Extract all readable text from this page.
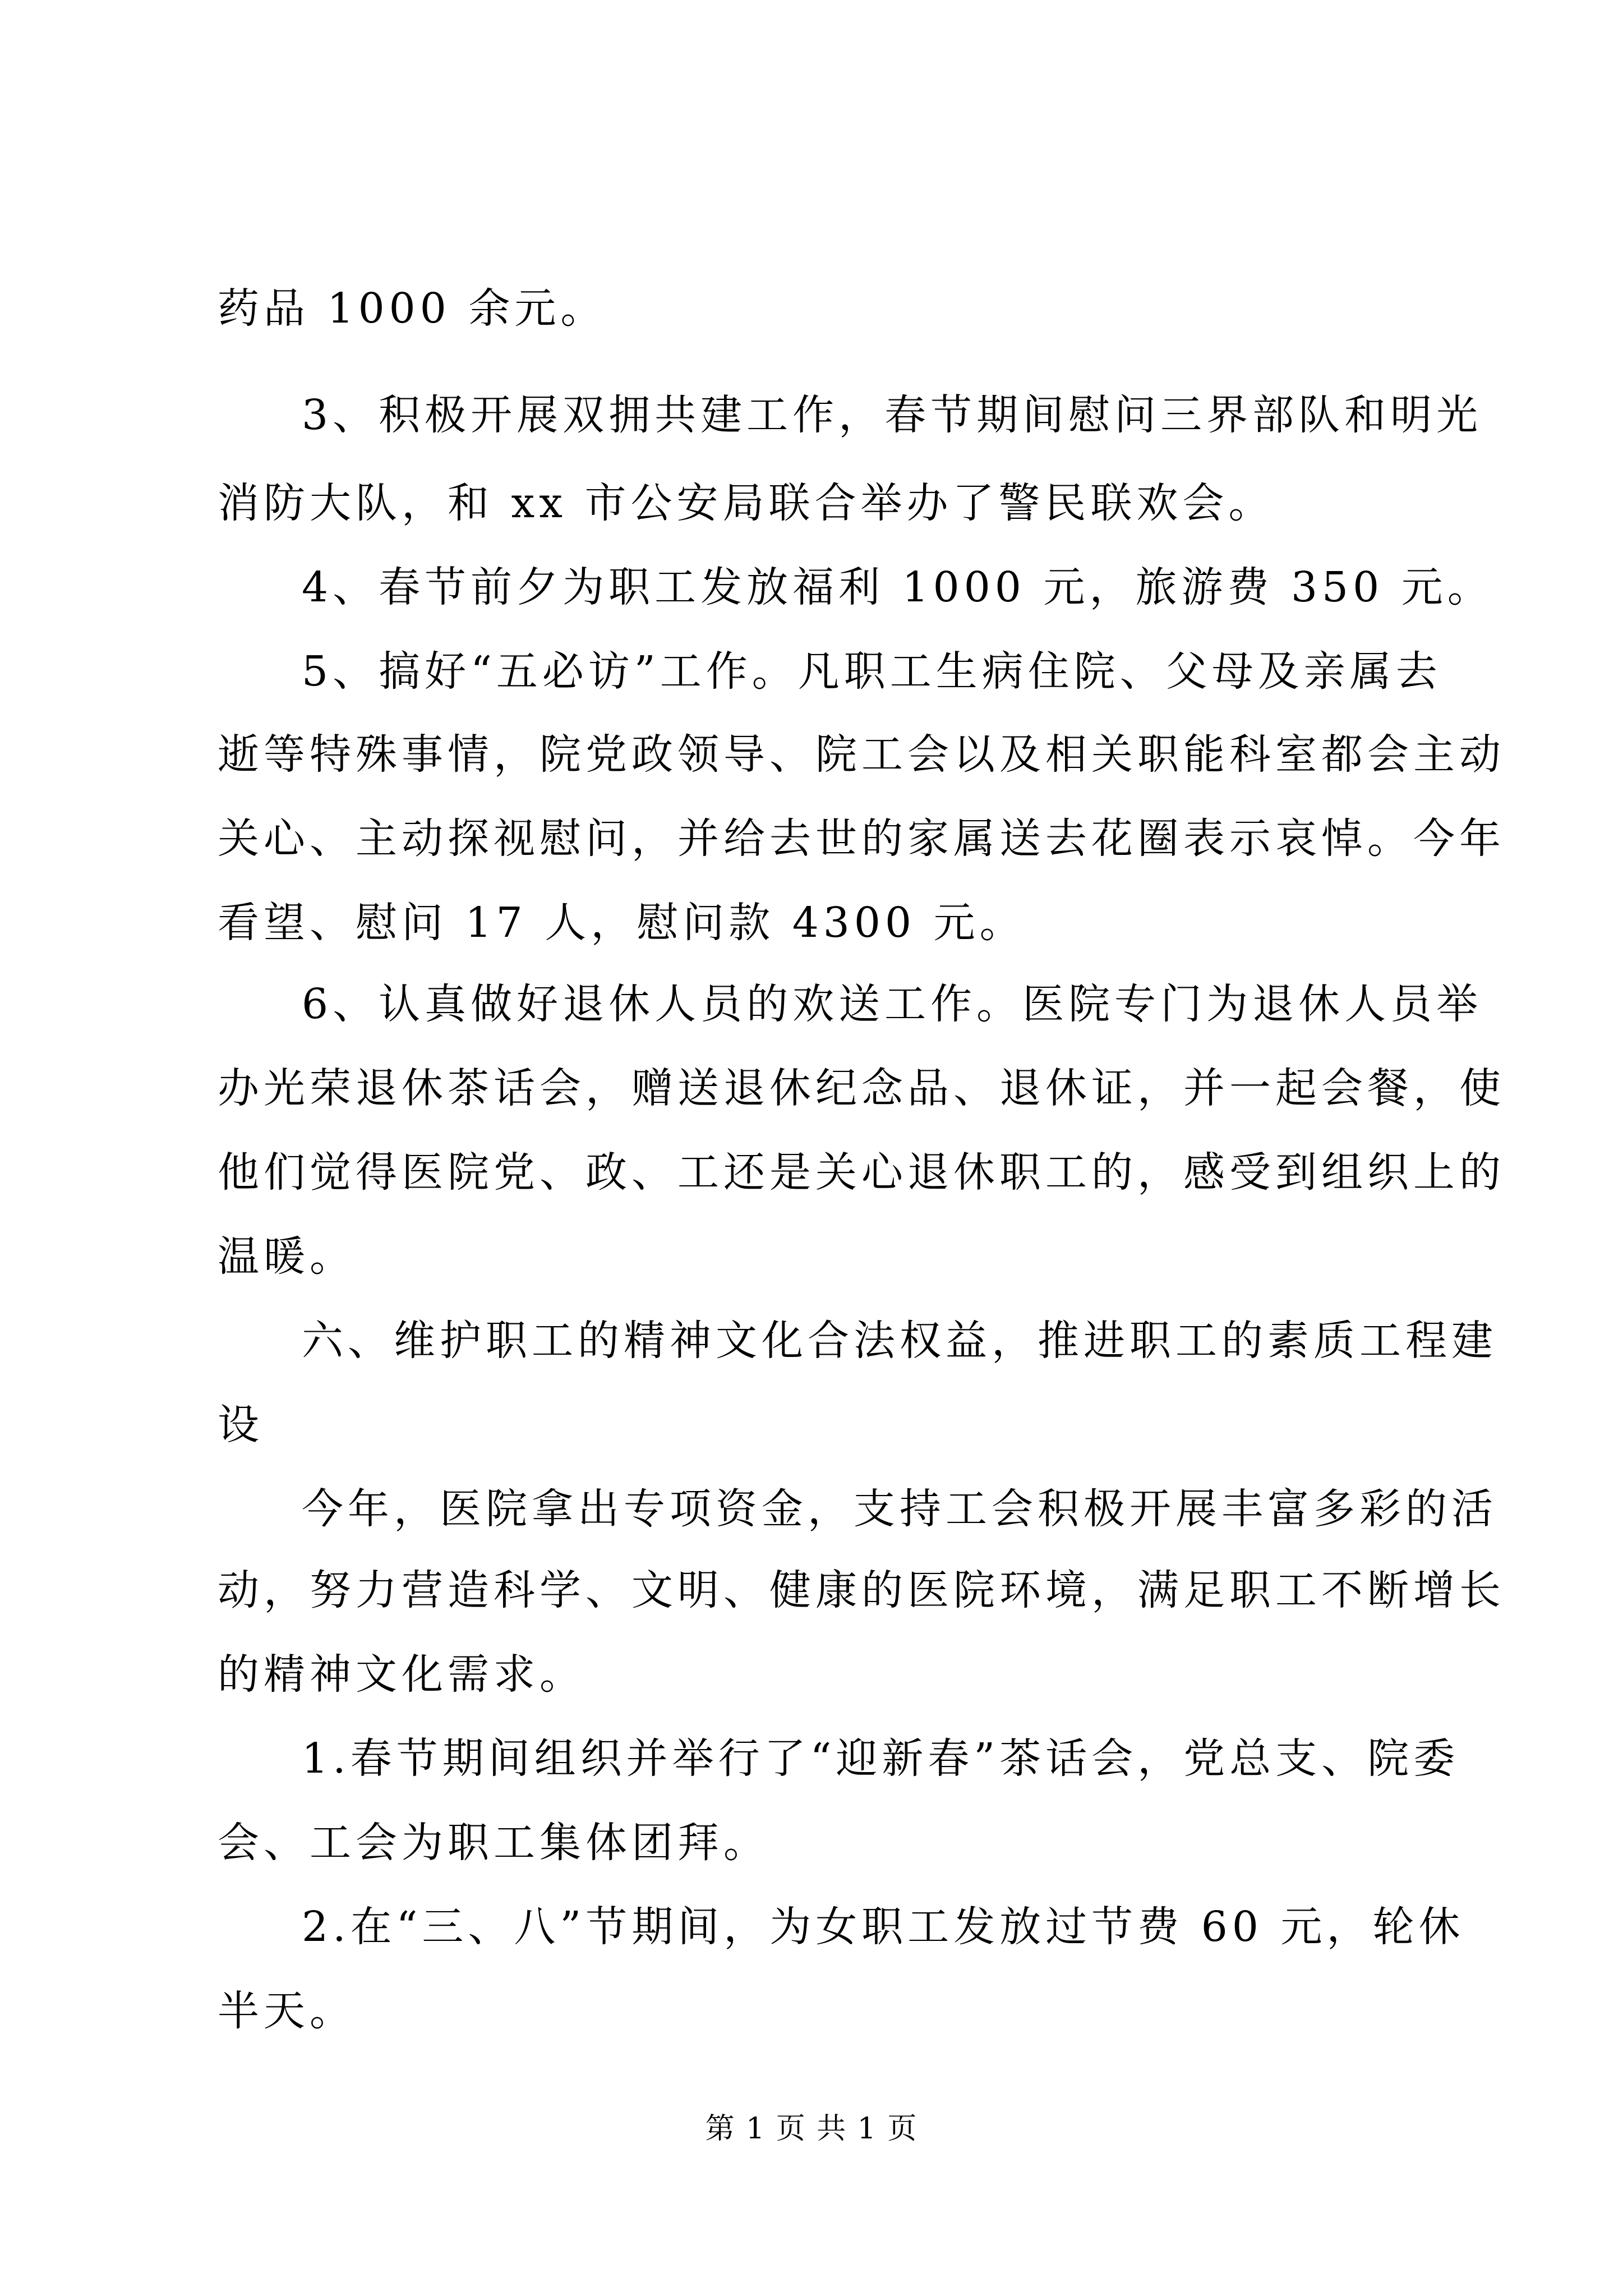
药品 1000 余元。
3、积极开展双拥共建工作，春节期间慰问三界部队和明光
消防大队，和 xx 市公安局联合举办了警民联欢会。
4、春节前夕为职工发放福利 1000 元，旅游费 350 元。
5、搞好“五必访”工作。凡职工生病住院、父母及亲属去
逝等特殊事情，院党政领导、院工会以及相关职能科室都会主动
关心、主动探视慰问，并给去世的家属送去花圈表示哀悼。今年
看望、慰问 17 人，慰问款 4300 元。
6、认真做好退休人员的欢送工作。医院专门为退休人员举
办光荣退休茶话会，赠送退休纪念品、退休证，并一起会餐，使
他们觉得医院党、政、工还是关心退休职工的，感受到组织上的
温暖。
六、维护职工的精神文化合法权益，推进职工的素质工程建
设
今年，医院拿出专项资金，支持工会积极开展丰富多彩的活
动，努力营造科学、文明、健康的医院环境，满足职工不断增长
的精神文化需求。
1.春节期间组织并举行了“迎新春”茶话会，党总支、院委
会、工会为职工集体团拜。
2.在“三、八”节期间，为女职工发放过节费 60 元，轮休
半天。
第 1 页 共 1 页
